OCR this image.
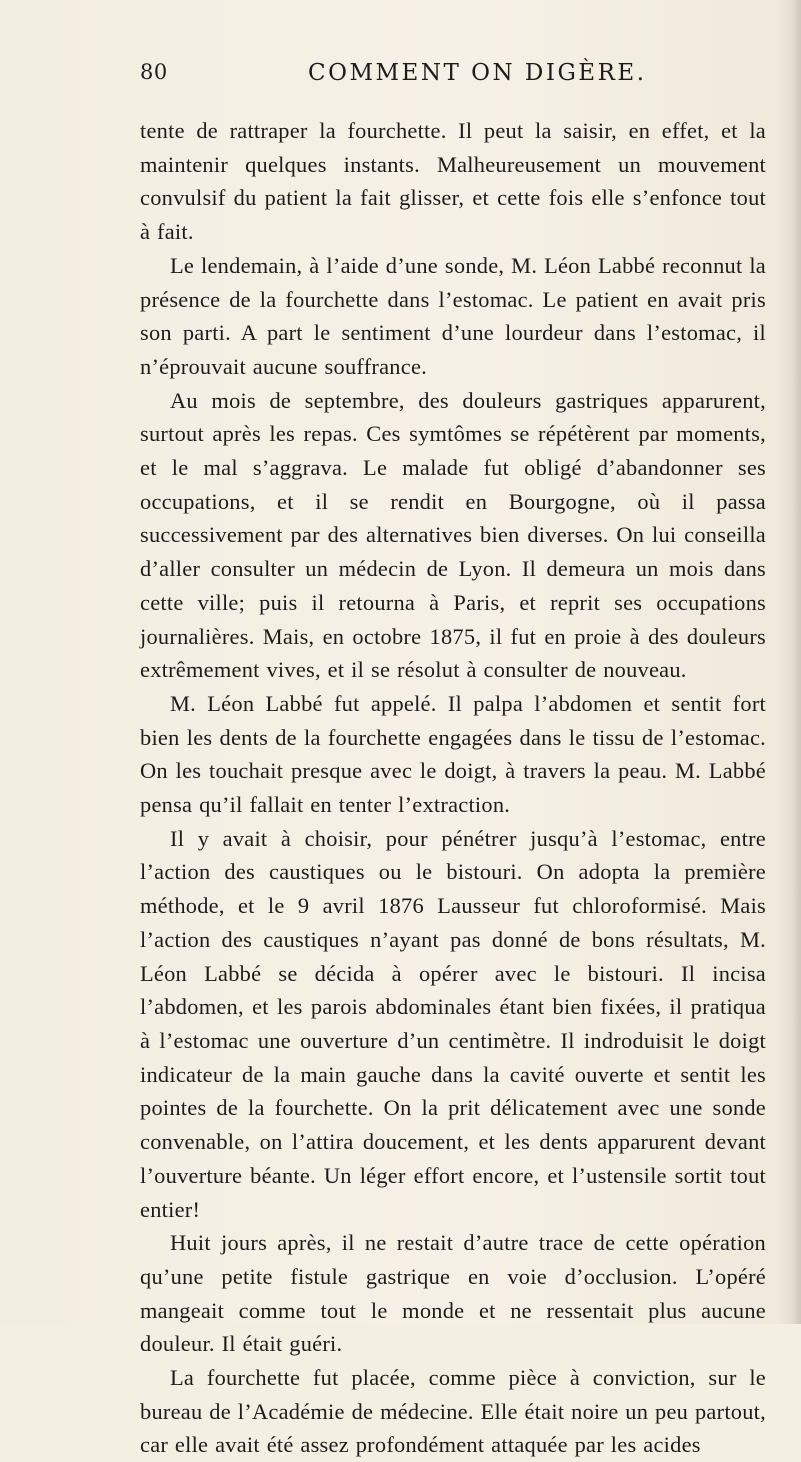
80	COMMENT ON DIGÈRE.

tente de rattraper la fourchette. Il peut la saisir, en effet, et la maintenir quelques instants. Malheureusement un mouvement convulsif du patient la fait glisser, et cette fois elle s’enfonce tout à fait.

Le lendemain, à l’aide d’une sonde, M. Léon Labbé reconnut la présence de la fourchette dans l’estomac. Le patient en avait pris son parti. A part le sentiment d’une lourdeur dans l’estomac, il n’éprouvait aucune souffrance.

Au mois de septembre, des douleurs gastriques apparurent, surtout après les repas. Ces symtômes se répétèrent par moments, et le mal s’aggrava. Le malade fut obligé d’abandonner ses occupations, et il se rendit en Bourgogne, où il passa successivement par des alternatives bien diverses. On lui conseilla d’aller consulter un médecin de Lyon. Il demeura un mois dans cette ville; puis il retourna à Paris, et reprit ses occupations journalières. Mais, en octobre 1875, il fut en proie à des douleurs extrêmement vives, et il se résolut à consulter de nouveau.

M. Léon Labbé fut appelé. Il palpa l’abdomen et sentit fort bien les dents de la fourchette engagées dans le tissu de l’estomac. On les touchait presque avec le doigt, à travers la peau. M. Labbé pensa qu’il fallait en tenter l’extraction.

Il y avait à choisir, pour pénétrer jusqu’à l’estomac, entre l’action des caustiques ou le bistouri. On adopta la première méthode, et le 9 avril 1876 Lausseur fut chloroformisé. Mais l’action des caustiques n’ayant pas donné de bons résultats, M. Léon Labbé se décida à opérer avec le bistouri. Il incisa l’abdomen, et les parois abdominales étant bien fixées, il pratiqua à l’estomac une ouverture d’un centimètre. Il indroduisit le doigt indicateur de la main gauche dans la cavité ouverte et sentit les pointes de la fourchette. On la prit délicatement avec une sonde convenable, on l’attira doucement, et les dents apparurent devant l’ouverture béante. Un léger effort encore, et l’ustensile sortit tout entier!

Huit jours après, il ne restait d’autre trace de cette opération qu’une petite fistule gastrique en voie d’occlusion. L’opéré mangeait comme tout le monde et ne ressentait plus aucune douleur. Il était guéri.

La fourchette fut placée, comme pièce à conviction, sur le bureau de l’Académie de médecine. Elle était noire un peu partout, car elle avait été assez profondément attaquée par les acides
